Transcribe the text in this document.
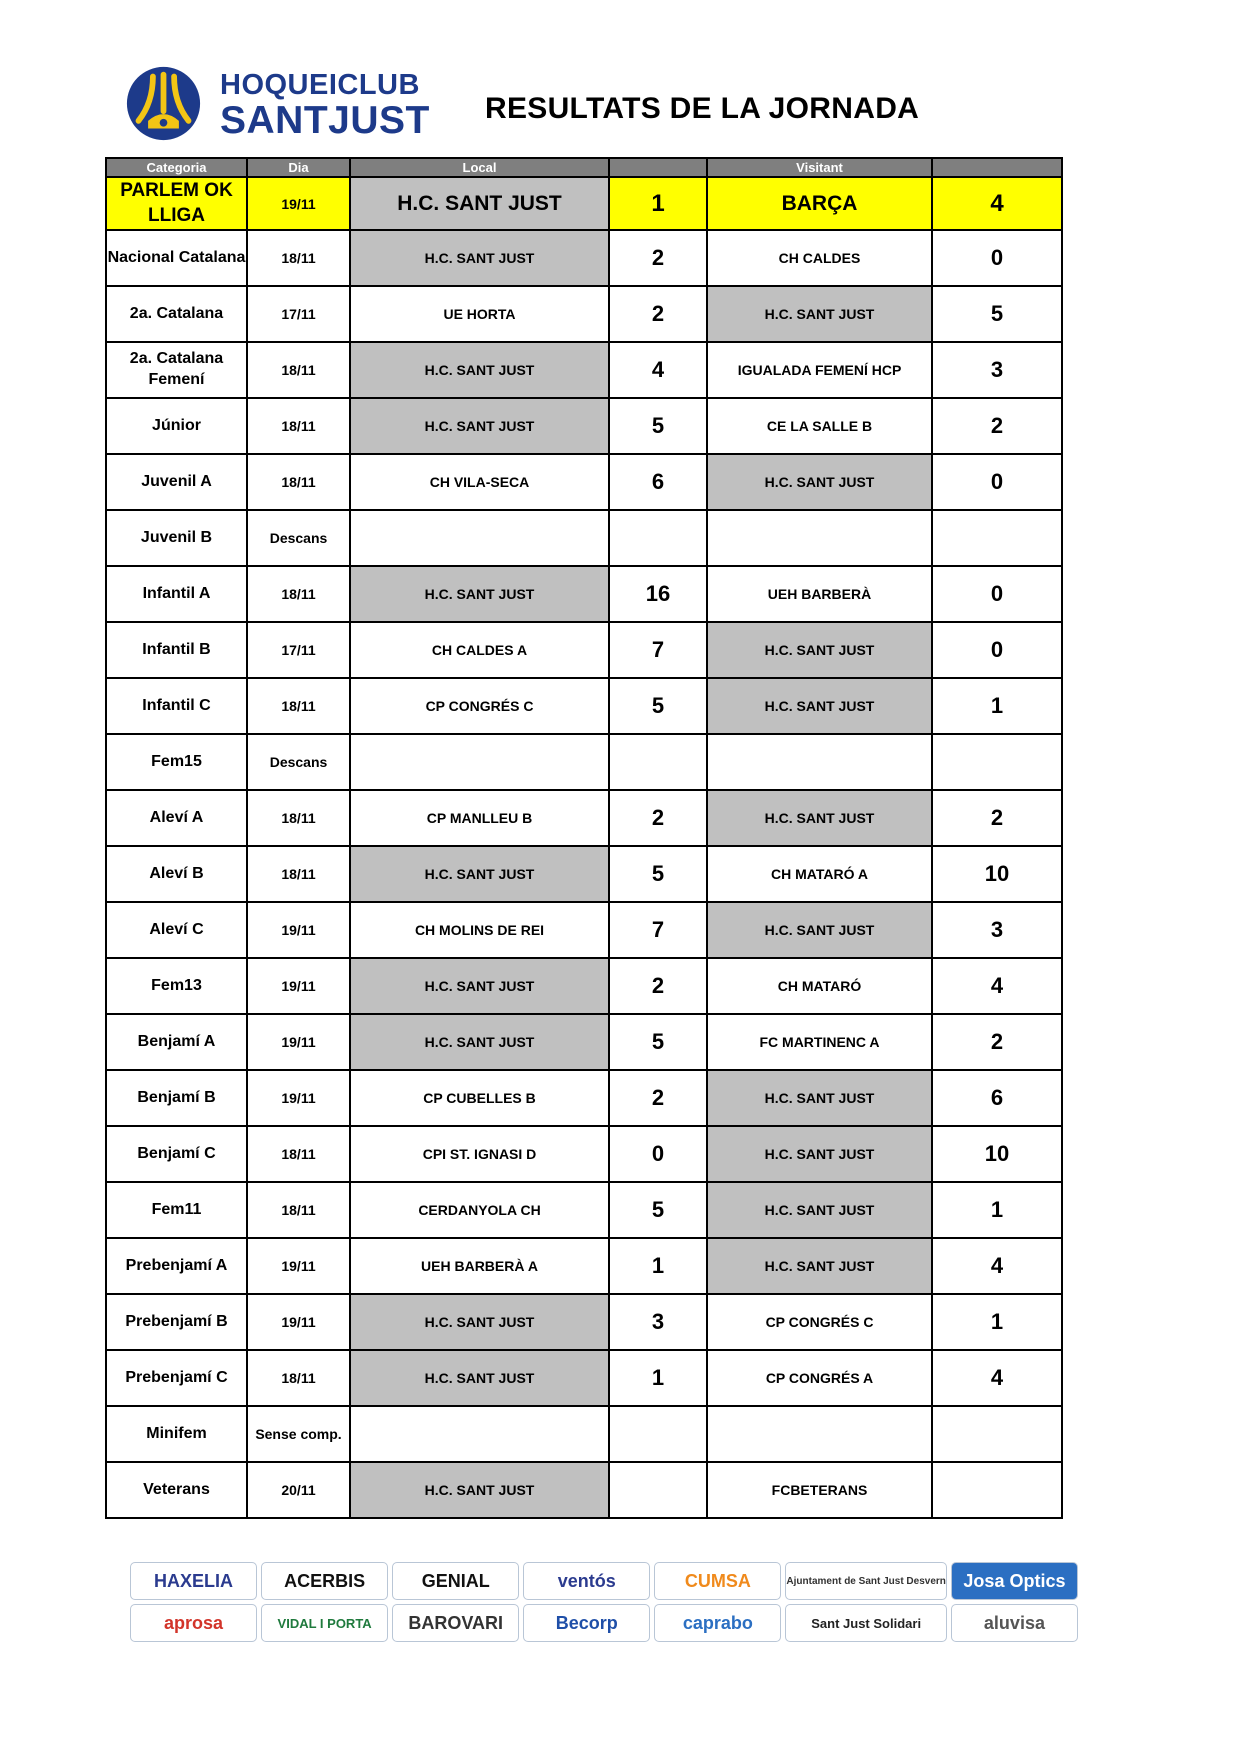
HOQUEICLUB
SANTJUST RESULTATS DE LA JORNADA
Categoria	Dia	Local		Visitant	
PARLEM OK LLIGA	19/11	H.C. SANT JUST	1	BARÇA	4
Nacional Catalana	18/11	H.C. SANT JUST	2	CH CALDES	0
2a. Catalana	17/11	UE HORTA	2	H.C. SANT JUST	5
2a. Catalana Femení	18/11	H.C. SANT JUST	4	IGUALADA FEMENÍ HCP	3
Júnior	18/11	H.C. SANT JUST	5	CE LA SALLE B	2
Juvenil A	18/11	CH VILA-SECA	6	H.C. SANT JUST	0
Juvenil B	Descans				
Infantil A	18/11	H.C. SANT JUST	16	UEH BARBERÀ	0
Infantil B	17/11	CH CALDES A	7	H.C. SANT JUST	0
Infantil C	18/11	CP CONGRÉS C	5	H.C. SANT JUST	1
Fem15	Descans				
Aleví A	18/11	CP MANLLEU B	2	H.C. SANT JUST	2
Aleví B	18/11	H.C. SANT JUST	5	CH MATARÓ A	10
Aleví C	19/11	CH MOLINS DE REI	7	H.C. SANT JUST	3
Fem13	19/11	H.C. SANT JUST	2	CH MATARÓ	4
Benjamí A	19/11	H.C. SANT JUST	5	FC MARTINENC A	2
Benjamí B	19/11	CP CUBELLES B	2	H.C. SANT JUST	6
Benjamí C	18/11	CPI ST. IGNASI D	0	H.C. SANT JUST	10
Fem11	18/11	CERDANYOLA CH	5	H.C. SANT JUST	1
Prebenjamí A	19/11	UEH BARBERÀ A	1	H.C. SANT JUST	4
Prebenjamí B	19/11	H.C. SANT JUST	3	CP CONGRÉS C	1
Prebenjamí C	18/11	H.C. SANT JUST	1	CP CONGRÉS A	4
Minifem	Sense comp.				
Veterans	20/11	H.C. SANT JUST		FCBETERANS	
HAXELIA	ACERBIS	GENIAL	ventós	CUMSA	Ajuntament de Sant Just Desvern Josa Optics
aprosa	VIDAL I PORTA	BAROVARI	Becorp	caprabo	Sant Just Solidari	aluvisa
